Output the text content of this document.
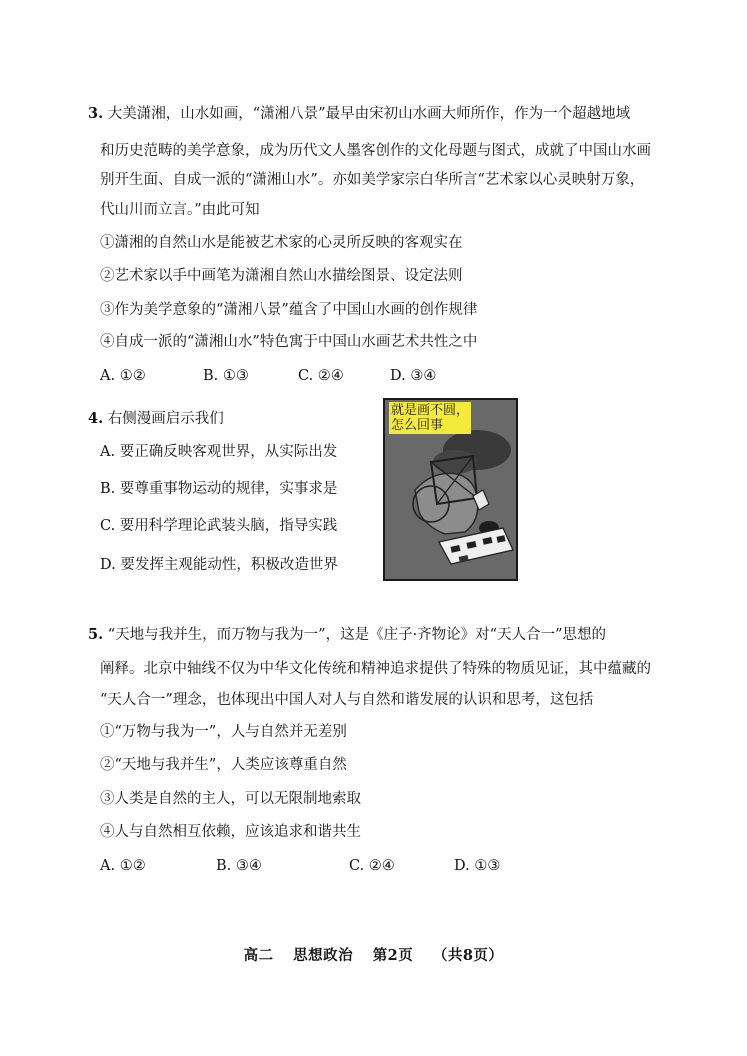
3. 大美潇湘，山水如画，“潇湘八景”最早由宋初山水画大师所作，作为一个超越地域
和历史范畴的美学意象，成为历代文人墨客创作的文化母题与图式，成就了中国山水画
别开生面、自成一派的“潇湘山水”。亦如美学家宗白华所言“艺术家以心灵映射万象，
代山川而立言。”由此可知
①潇湘的自然山水是能被艺术家的心灵所反映的客观实在
②艺术家以手中画笔为潇湘自然山水描绘图景、设定法则
③作为美学意象的“潇湘八景”蕴含了中国山水画的创作规律
④自成一派的“潇湘山水”特色寓于中国山水画艺术共性之中
A. ①②	B. ①③	C. ②④	D. ③④
4. 右侧漫画启示我们
A. 要正确反映客观世界，从实际出发
B. 要尊重事物运动的规律，实事求是
C. 要用科学理论武装头脑，指导实践
D. 要发挥主观能动性，积极改造世界
就是画不圆，怎么回事
5. “天地与我并生，而万物与我为一”，这是《庄子·齐物论》对“天人合一”思想的
阐释。北京中轴线不仅为中华文化传统和精神追求提供了特殊的物质见证，其中蕴藏的
“天人合一”理念，也体现出中国人对人与自然和谐发展的认识和思考，这包括
①“万物与我为一”，人与自然并无差别
②“天地与我并生”，人类应该尊重自然
③人类是自然的主人，可以无限制地索取
④人与自然相互依赖，应该追求和谐共生
A. ①②	B. ③④	C. ②④	D. ①③
高二 思想政治 第2页 （共8页）
